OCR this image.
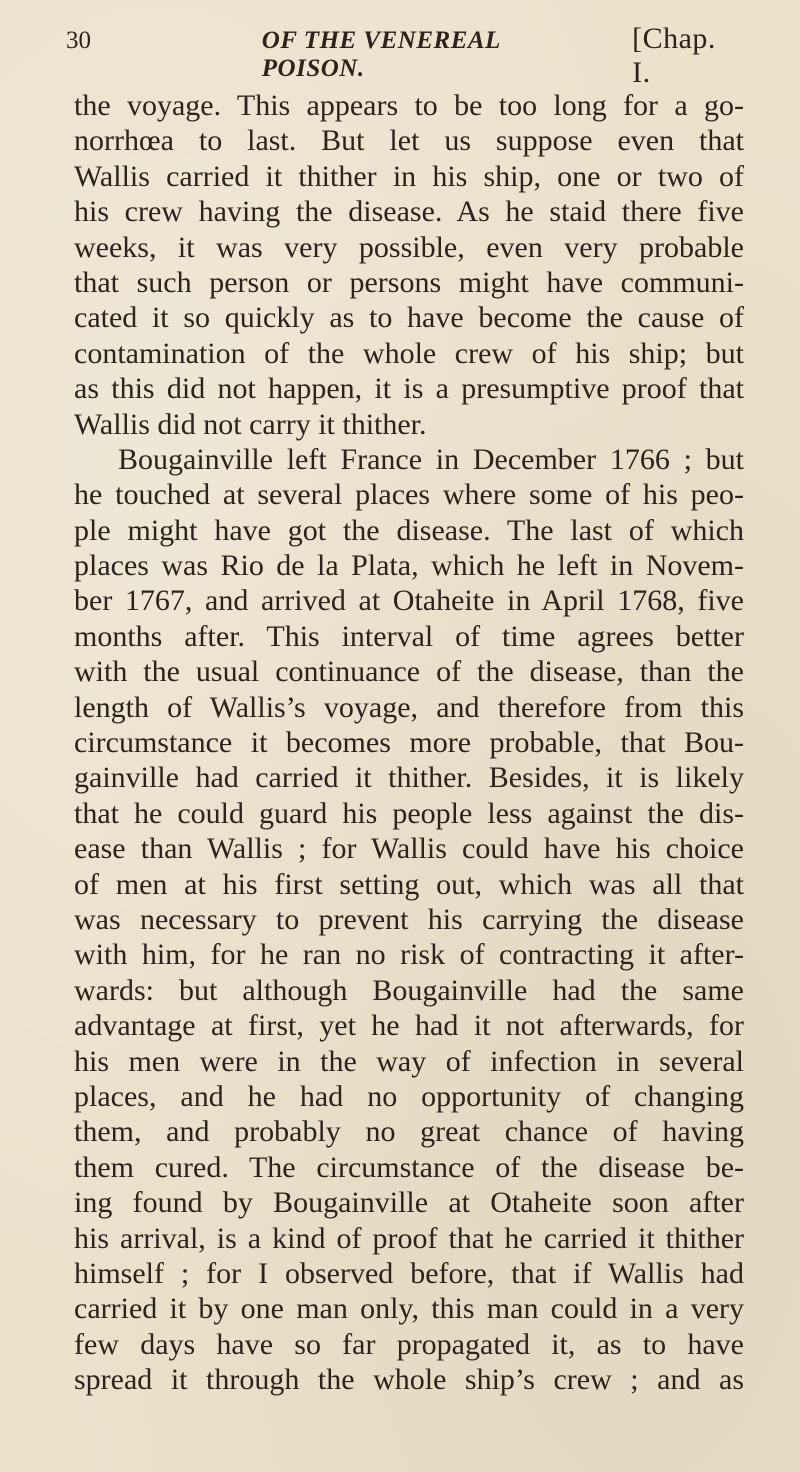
30	OF THE VENEREAL POISON.
[Chap. I.
the voyage. This appears to be too long for a go-
norrhœa to last. But let us suppose even that
Wallis carried it thither in his ship, one or two of
his crew having the disease. As he staid there five
weeks, it was very possible, even very probable
that such person or persons might have communi-
cated it so quickly as to have become the cause of
contamination of the whole crew of his ship; but
as this did not happen, it is a presumptive proof that
Wallis did not carry it thither.
Bougainville left France in December 1766 ; but
he touched at several places where some of his peo-
ple might have got the disease. The last of which
places was Rio de la Plata, which he left in Novem-
ber 1767, and arrived at Otaheite in April 1768, five
months after. This interval of time agrees better
with the usual continuance of the disease, than the
length of Wallis’s voyage, and therefore from this
circumstance it becomes more probable, that Bou-
gainville had carried it thither. Besides, it is likely
that he could guard his people less against the dis-
ease than Wallis ; for Wallis could have his choice
of men at his first setting out, which was all that
was necessary to prevent his carrying the disease
with him, for he ran no risk of contracting it after-
wards: but although Bougainville had the same
advantage at first, yet he had it not afterwards, for
his men were in the way of infection in several
places, and he had no opportunity of changing
them, and probably no great chance of having
them cured. The circumstance of the disease be-
ing found by Bougainville at Otaheite soon after
his arrival, is a kind of proof that he carried it thither
himself ; for I observed before, that if Wallis had
carried it by one man only, this man could in a very
few days have so far propagated it, as to have
spread it through the whole ship’s crew ; and as
